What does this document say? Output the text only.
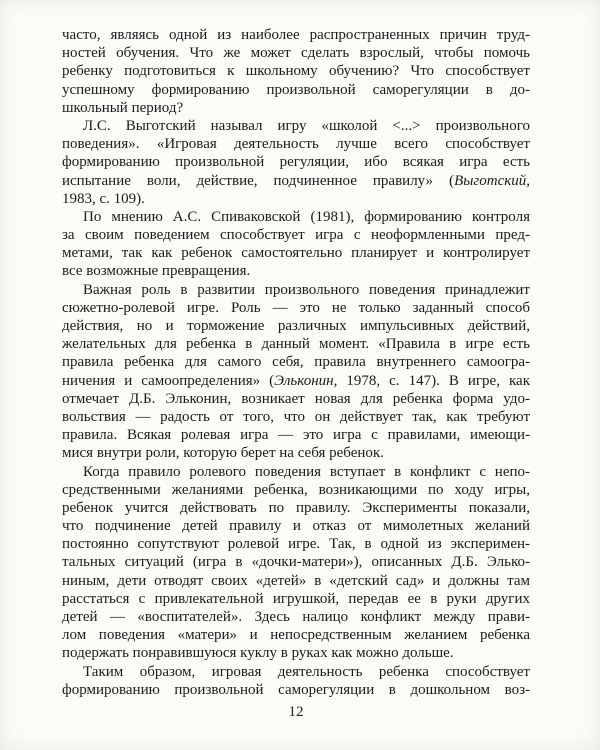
часто, являясь одной из наиболее распространенных причин труд-
ностей обучения. Что же может сделать взрослый, чтобы помочь
ребенку подготовиться к школьному обучению? Что способствует
успешному формированию произвольной саморегуляции в до-
школьный период?
Л.С. Выготский называл игру «школой <...> произвольного
поведения». «Игровая деятельность лучше всего способствует
формированию произвольной регуляции, ибо всякая игра есть
испытание воли, действие, подчиненное правилу» (Выготский,
1983, с. 109).
По мнению А.С. Спиваковской (1981), формированию контроля
за своим поведением способствует игра с неоформленными пред-
метами, так как ребенок самостоятельно планирует и контролирует
все возможные превращения.
Важная роль в развитии произвольного поведения принадлежит
сюжетно-ролевой игре. Роль — это не только заданный способ
действия, но и торможение различных импульсивных действий,
желательных для ребенка в данный момент. «Правила в игре есть
правила ребенка для самого себя, правила внутреннего самоогра-
ничения и самоопределения» (Эльконин, 1978, с. 147). В игре, как
отмечает Д.Б. Эльконин, возникает новая для ребенка форма удо-
вольствия — радость от того, что он действует так, как требуют
правила. Всякая ролевая игра — это игра с правилами, имеющи-
мися внутри роли, которую берет на себя ребенок.
Когда правило ролевого поведения вступает в конфликт с непо-
средственными желаниями ребенка, возникающими по ходу игры,
ребенок учится действовать по правилу. Эксперименты показали,
что подчинение детей правилу и отказ от мимолетных желаний
постоянно сопутствуют ролевой игре. Так, в одной из эксперимен-
тальных ситуаций (игра в «дочки-матери»), описанных Д.Б. Элько-
ниным, дети отводят своих «детей» в «детский сад» и должны там
расстаться с привлекательной игрушкой, передав ее в руки других
детей — «воспитателей». Здесь налицо конфликт между прави-
лом поведения «матери» и непосредственным желанием ребенка
подержать понравившуюся куклу в руках как можно дольше.
Таким образом, игровая деятельность ребенка способствует
формированию произвольной саморегуляции в дошкольном воз-
12
